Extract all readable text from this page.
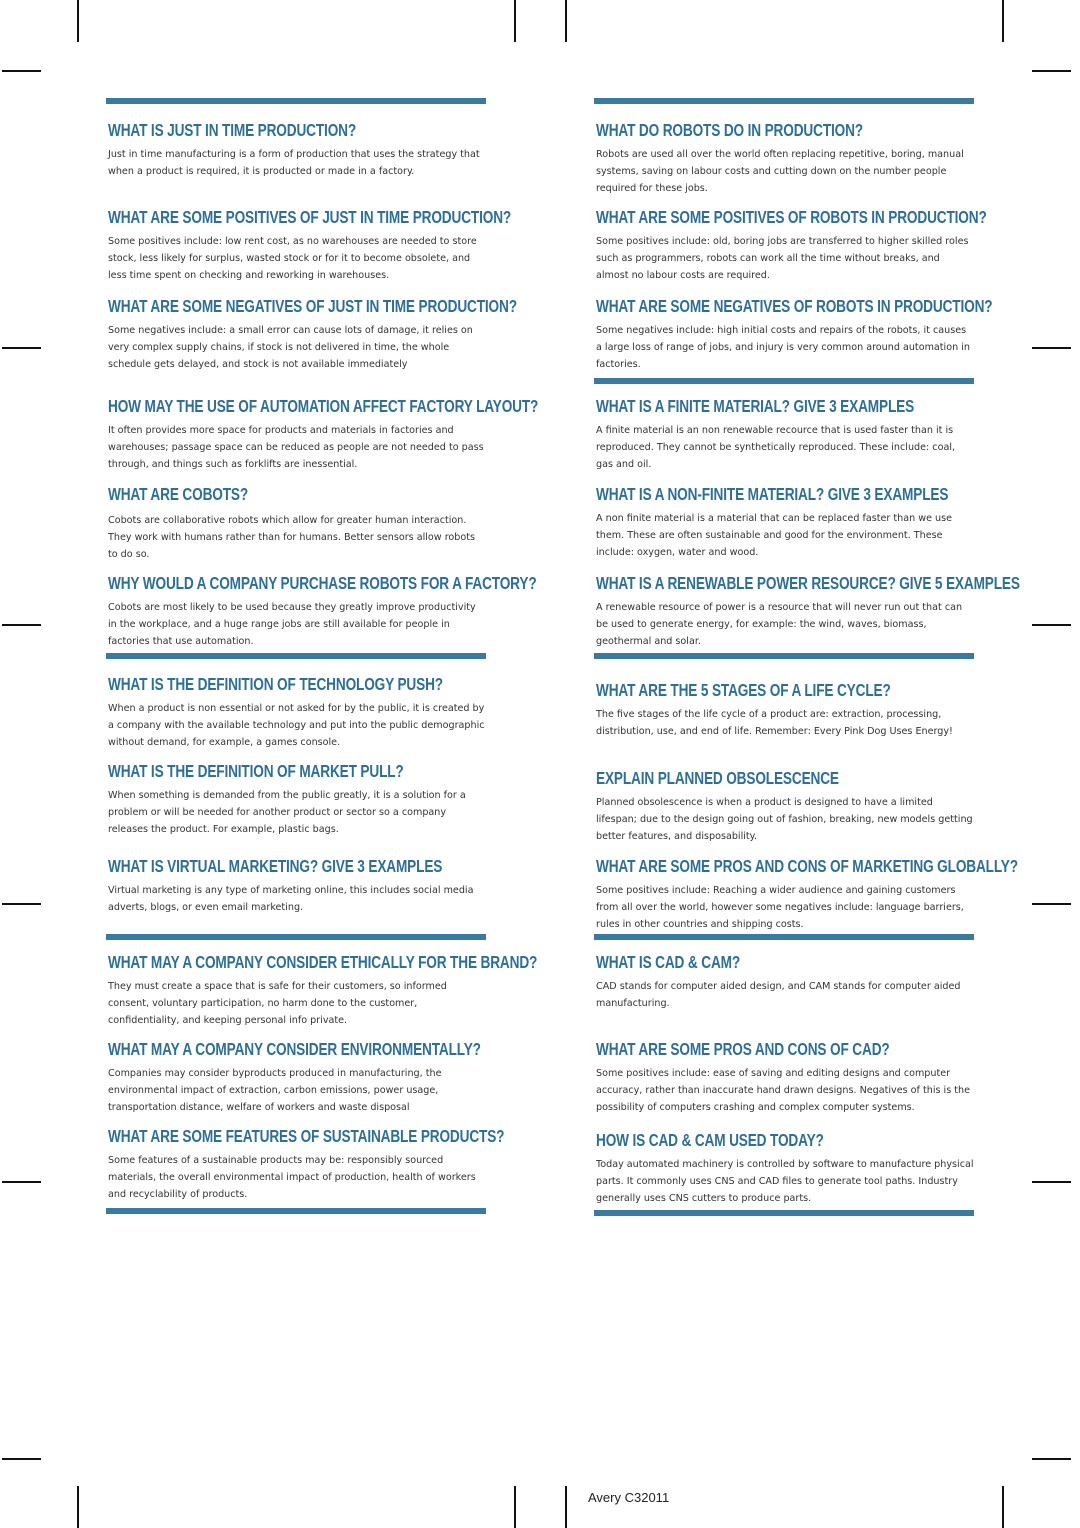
WHAT IS JUST IN TIME PRODUCTION?

Just in time manufacturing is a form of production that uses the strategy that when a product is required, it is producted or made in a factory.

WHAT ARE SOME POSITIVES OF JUST IN TIME PRODUCTION?

Some positives include: low rent cost, as no warehouses are needed to store stock, less likely for surplus, wasted stock or for it to become obsolete, and less time spent on checking and reworking in warehouses.

WHAT ARE SOME NEGATIVES OF JUST IN TIME PRODUCTION?

Some negatives include: a small error can cause lots of damage, it relies on very complex supply chains, if stock is not delivered in time, the whole schedule gets delayed, and stock is not available immediately

HOW MAY THE USE OF AUTOMATION AFFECT FACTORY LAYOUT?

It often provides more space for products and materials in factories and warehouses; passage space can be reduced as people are not needed to pass through, and things such as forklifts are inessential.

WHAT ARE COBOTS?

Cobots are collaborative robots which allow for greater human interaction. They work with humans rather than for humans. Better sensors allow robots to do so.

WHY WOULD A COMPANY PURCHASE ROBOTS FOR A FACTORY?

Cobots are most likely to be used because they greatly improve productivity in the workplace, and a huge range jobs are still available for people in factories that use automation.

WHAT IS THE DEFINITION OF TECHNOLOGY PUSH?

When a product is non essential or not asked for by the public, it is created by a company with the available technology and put into the public demographic without demand, for example, a games console.

WHAT IS THE DEFINITION OF MARKET PULL?

When something is demanded from the public greatly, it is a solution for a problem or will be needed for another product or sector so a company releases the product. For example, plastic bags.

WHAT IS VIRTUAL MARKETING? GIVE 3 EXAMPLES

Virtual marketing is any type of marketing online, this includes social media adverts, blogs, or even email marketing.

WHAT MAY A COMPANY CONSIDER ETHICALLY FOR THE BRAND?

They must create a space that is safe for their customers, so informed consent, voluntary participation, no harm done to the customer, confidentiality, and keeping personal info private.

WHAT MAY A COMPANY CONSIDER ENVIRONMENTALLY?

Companies may consider byproducts produced in manufacturing, the environmental impact of extraction, carbon emissions, power usage, transportation distance, welfare of workers and waste disposal

WHAT ARE SOME FEATURES OF SUSTAINABLE PRODUCTS?

Some features of a sustainable products may be: responsibly sourced materials, the overall environmental impact of production, health of workers and recyclability of products.

WHAT DO ROBOTS DO IN PRODUCTION?

Robots are used all over the world often replacing repetitive, boring, manual systems, saving on labour costs and cutting down on the number people required for these jobs.

WHAT ARE SOME POSITIVES OF ROBOTS IN PRODUCTION?

Some positives include: old, boring jobs are transferred to higher skilled roles such as programmers, robots can work all the time without breaks, and almost no labour costs are required.

WHAT ARE SOME NEGATIVES OF ROBOTS IN PRODUCTION?

Some negatives include: high initial costs and repairs of the robots, it causes a large loss of range of jobs, and injury is very common around automation in factories.

WHAT IS A FINITE MATERIAL? GIVE 3 EXAMPLES

A finite material is an non renewable recource that is used faster than it is reproduced. They cannot be synthetically reproduced. These include: coal, gas and oil.

WHAT IS A NON-FINITE MATERIAL? GIVE 3 EXAMPLES

A non finite material is a material that can be replaced faster than we use them. These are often sustainable and good for the environment. These include: oxygen, water and wood.

WHAT IS A RENEWABLE POWER RESOURCE? GIVE 5 EXAMPLES

A renewable resource of power is a resource that will never run out that can be used to generate energy, for example: the wind, waves, biomass, geothermal and solar.

WHAT ARE THE 5 STAGES OF A LIFE CYCLE?

The five stages of the life cycle of a product are: extraction, processing, distribution, use, and end of life. Remember: Every Pink Dog Uses Energy!

EXPLAIN PLANNED OBSOLESCENCE

Planned obsolescence is when a product is designed to have a limited lifespan; due to the design going out of fashion, breaking, new models getting better features, and disposability.

WHAT ARE SOME PROS AND CONS OF MARKETING GLOBALLY?

Some positives include: Reaching a wider audience and gaining customers from all over the world, however some negatives include: language barriers, rules in other countries and shipping costs.

WHAT IS CAD & CAM?

CAD stands for computer aided design, and CAM stands for computer aided manufacturing.

WHAT ARE SOME PROS AND CONS OF CAD?

Some positives include: ease of saving and editing designs and computer accuracy, rather than inaccurate hand drawn designs. Negatives of this is the possibility of computers crashing and complex computer systems.

HOW IS CAD & CAM USED TODAY?

Today automated machinery is controlled by software to manufacture physical parts. It commonly uses CNS and CAD files to generate tool paths. Industry generally uses CNS cutters to produce parts.

Avery C32011
